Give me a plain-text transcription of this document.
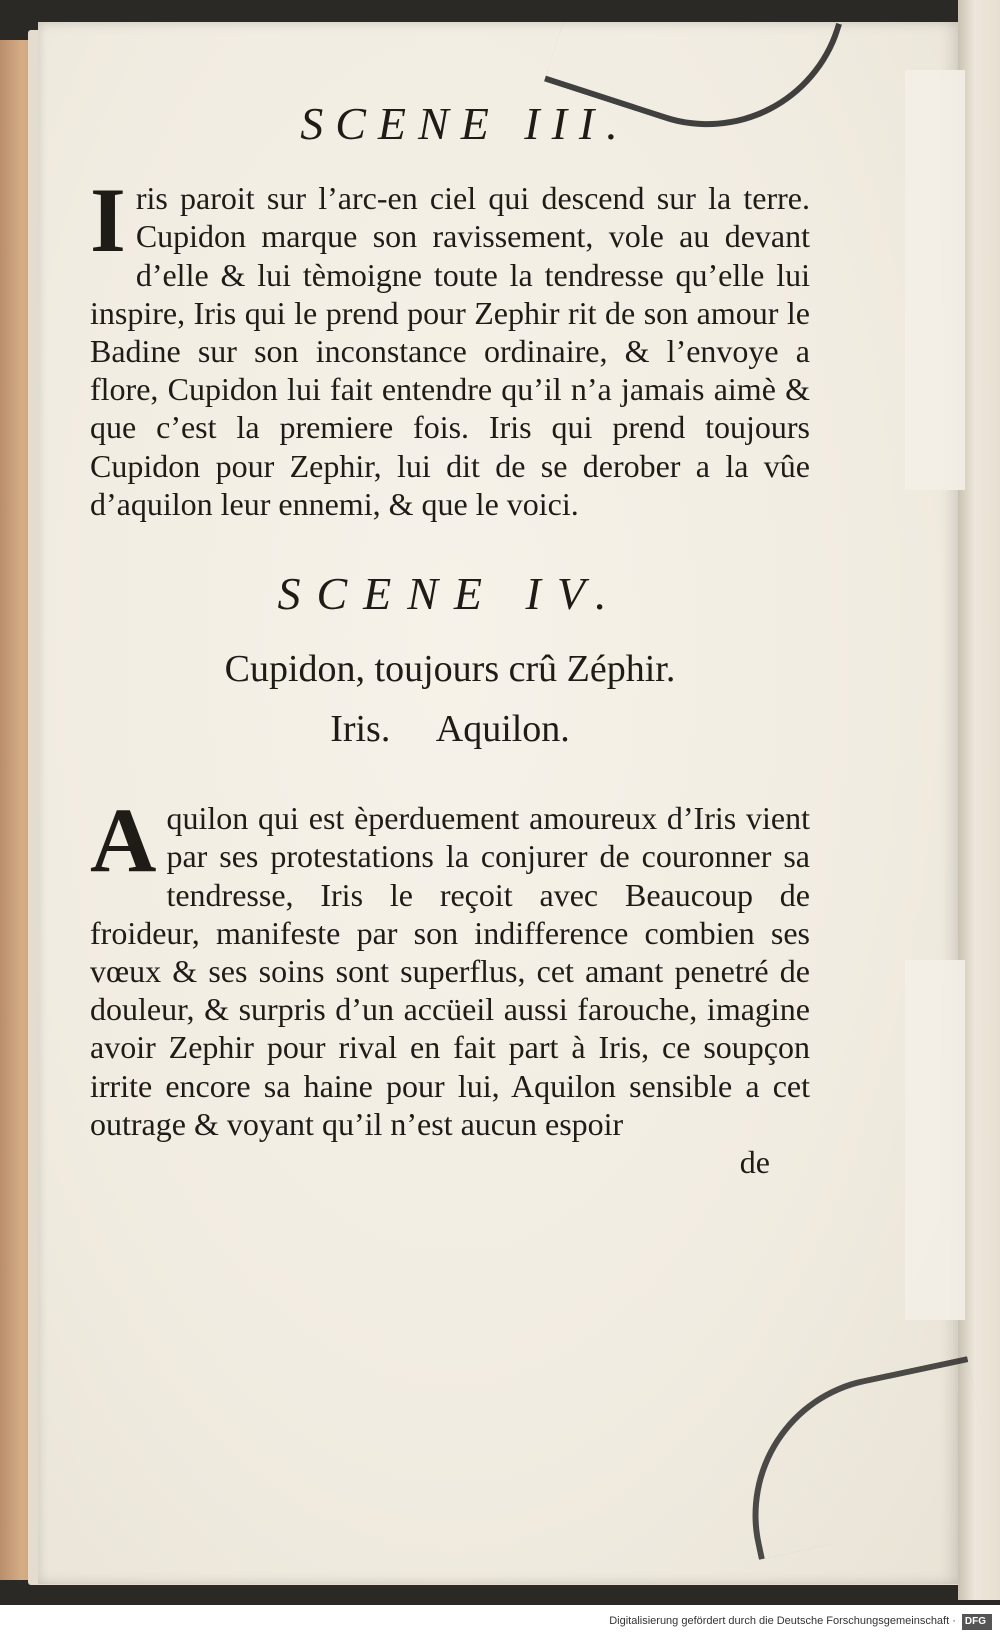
SCENE III.

Iris paroit sur l’arc-en ciel qui descend sur la terre. Cupidon marque son ravissement, vole au devant d’elle & lui tèmoigne toute la tendresse qu’elle lui inspire, Iris qui le prend pour Zephir rit de son amour le Badine sur son inconstance ordinaire, & l’envoye a flore, Cupidon lui fait entendre qu’il n’a jamais aimè & que c’est la premiere fois. Iris qui prend toujours Cupidon pour Zephir, lui dit de se derober a la vûe d’aquilon leur ennemi, & que le voici.

SCENE IV.
Cupidon, toujours crû Zéphir.
Iris.     Aquilon.

Aquilon qui est èperduement amoureux d’Iris vient par ses protestations la conjurer de couronner sa tendresse, Iris le reçoit avec Beaucoup de froideur, manifeste par son indifference combien ses vœux & ses soins sont superflus, cet amant penetré de douleur, & surpris d’un accüeil aussi farouche, imagine avoir Zephir pour rival en fait part à Iris, ce soupçon irrite encore sa haine pour lui, Aquilon sensible a cet outrage & voyant qu’il n’est aucun espoir

de
Digitalisierung gefördert durch die Deutsche Forschungsgemeinschaft · DFG
